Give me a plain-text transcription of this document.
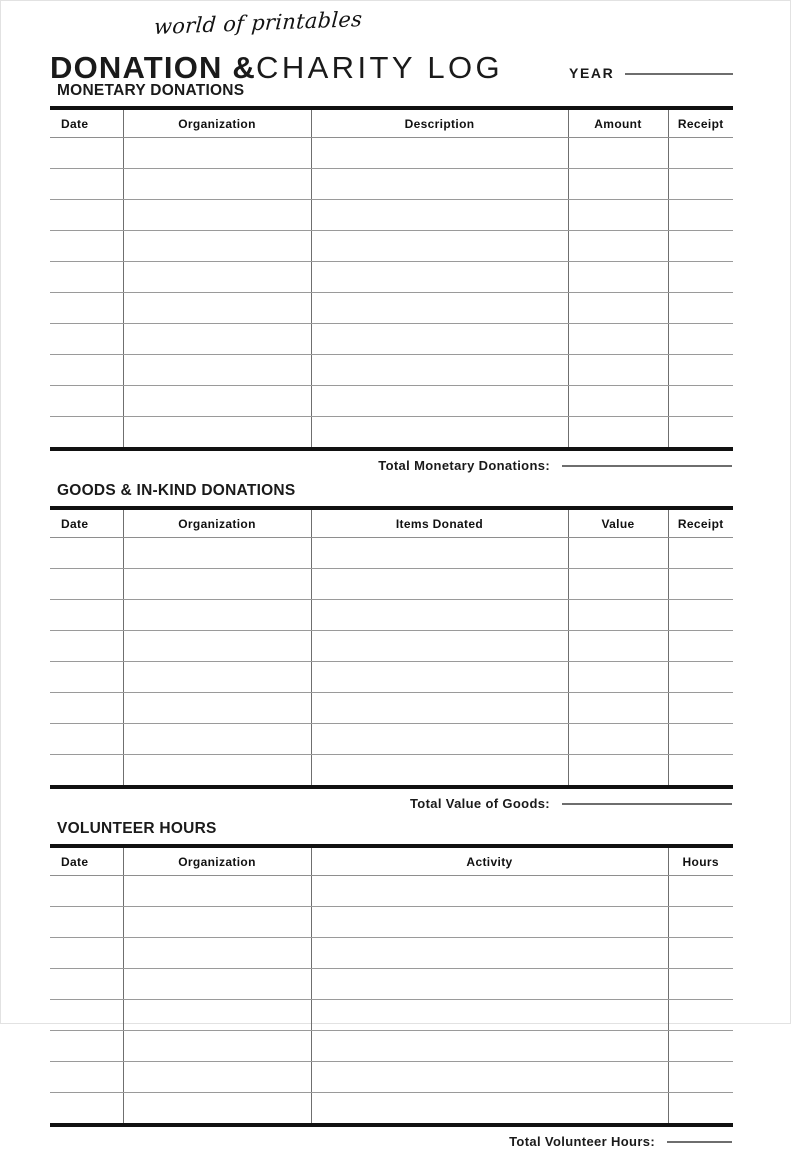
world of printables
DONATION &CHARITY LOG	YEAR
MONETARY DONATIONS
Date	Organization	Description	Amount	Receipt

Total Monetary Donations:
GOODS & IN-KIND DONATIONS
Date	Organization	Items Donated	Value	Receipt

Total Value of Goods:
VOLUNTEER HOURS
Date	Organization	Activity	Hours

Total Volunteer Hours:
